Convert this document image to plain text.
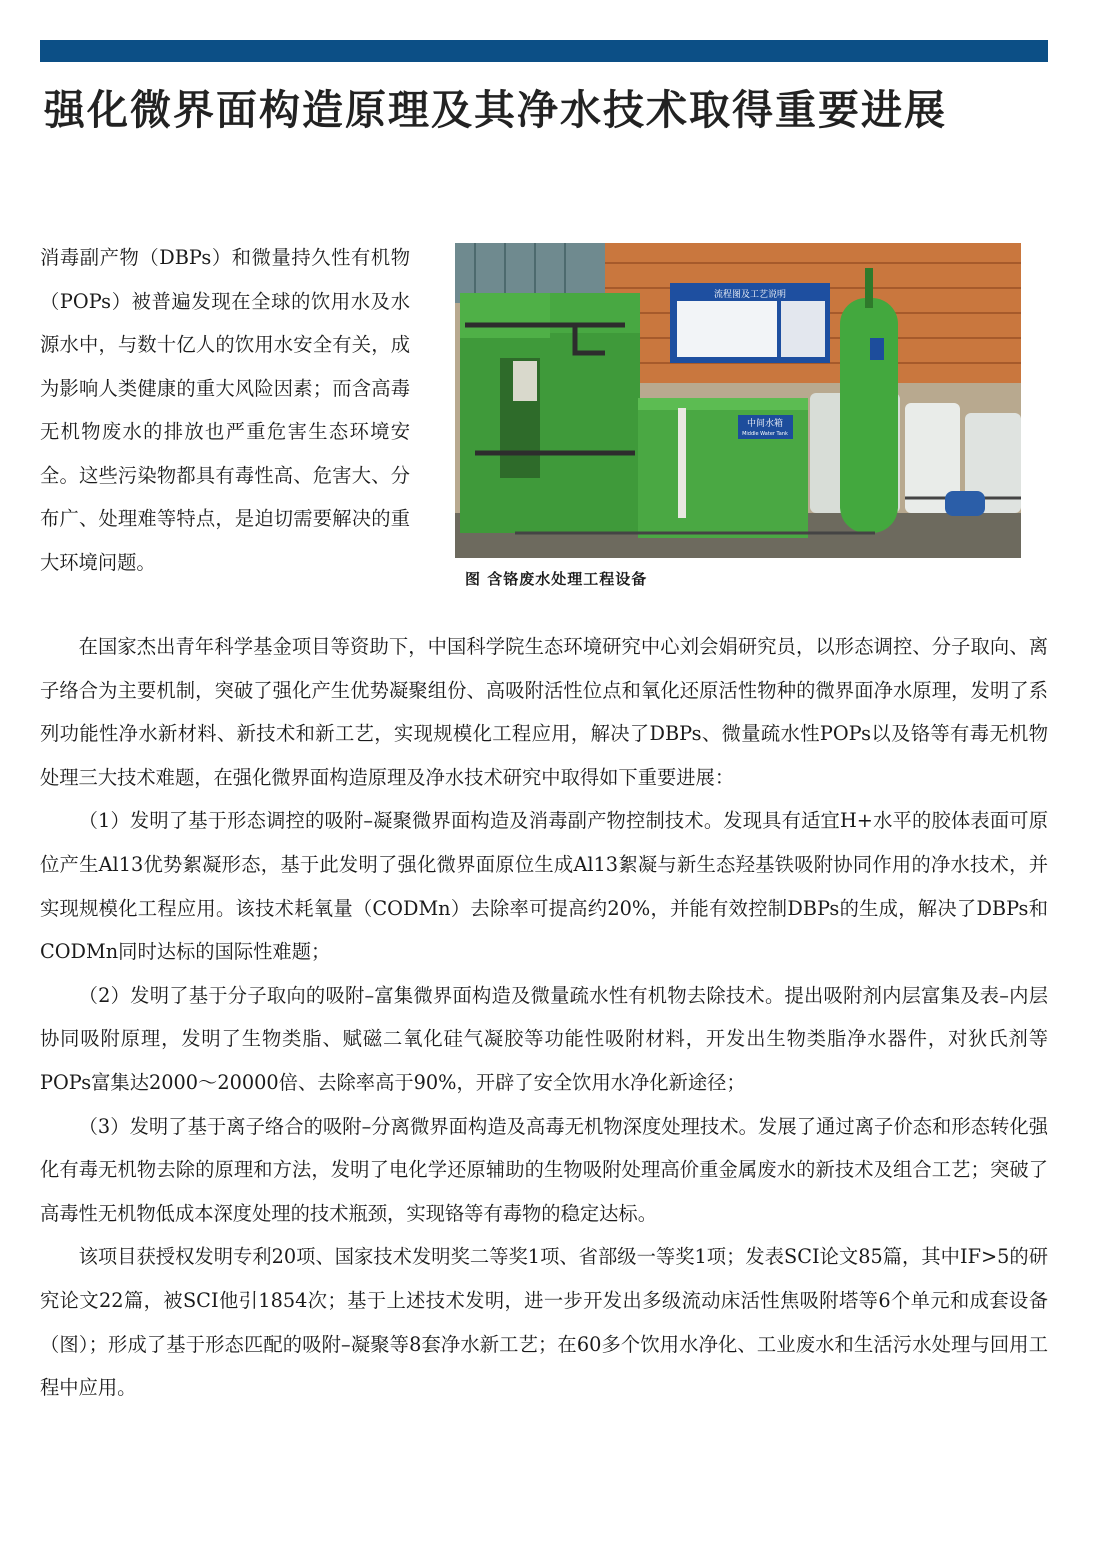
强化微界面构造原理及其净水技术取得重要进展

消毒副产物（DBPs）和微量持久性有机物（POPs）被普遍发现在全球的饮用水及水源水中，与数十亿人的饮用水安全有关，成为影响人类健康的重大风险因素；而含高毒无机物废水的排放也严重危害生态环境安全。这些污染物都具有毒性高、危害大、分布广、处理难等特点，是迫切需要解决的重大环境问题。

中间水箱
Middle Water Tank
流程图及工艺说明
图 含铬废水处理工程设备

在国家杰出青年科学基金项目等资助下，中国科学院生态环境研究中心刘会娟研究员，以形态调控、分子取向、离子络合为主要机制，突破了强化产生优势凝聚组份、高吸附活性位点和氧化还原活性物种的微界面净水原理，发明了系列功能性净水新材料、新技术和新工艺，实现规模化工程应用，解决了DBPs、微量疏水性POPs以及铬等有毒无机物处理三大技术难题，在强化微界面构造原理及净水技术研究中取得如下重要进展：

（1）发明了基于形态调控的吸附–凝聚微界面构造及消毒副产物控制技术。发现具有适宜H+水平的胶体表面可原位产生Al13优势絮凝形态，基于此发明了强化微界面原位生成Al13絮凝与新生态羟基铁吸附协同作用的净水技术，并实现规模化工程应用。该技术耗氧量（CODMn）去除率可提高约20%，并能有效控制DBPs的生成，解决了DBPs和CODMn同时达标的国际性难题；

（2）发明了基于分子取向的吸附–富集微界面构造及微量疏水性有机物去除技术。提出吸附剂内层富集及表–内层协同吸附原理，发明了生物类脂、赋磁二氧化硅气凝胶等功能性吸附材料，开发出生物类脂净水器件，对狄氏剂等POPs富集达2000～20000倍、去除率高于90%，开辟了安全饮用水净化新途径；

（3）发明了基于离子络合的吸附–分离微界面构造及高毒无机物深度处理技术。发展了通过离子价态和形态转化强化有毒无机物去除的原理和方法，发明了电化学还原辅助的生物吸附处理高价重金属废水的新技术及组合工艺；突破了高毒性无机物低成本深度处理的技术瓶颈，实现铬等有毒物的稳定达标。

该项目获授权发明专利20项、国家技术发明奖二等奖1项、省部级一等奖1项；发表SCI论文85篇，其中IF>5的研究论文22篇，被SCI他引1854次；基于上述技术发明，进一步开发出多级流动床活性焦吸附塔等6个单元和成套设备（图）；形成了基于形态匹配的吸附–凝聚等8套净水新工艺；在60多个饮用水净化、工业废水和生活污水处理与回用工程中应用。
